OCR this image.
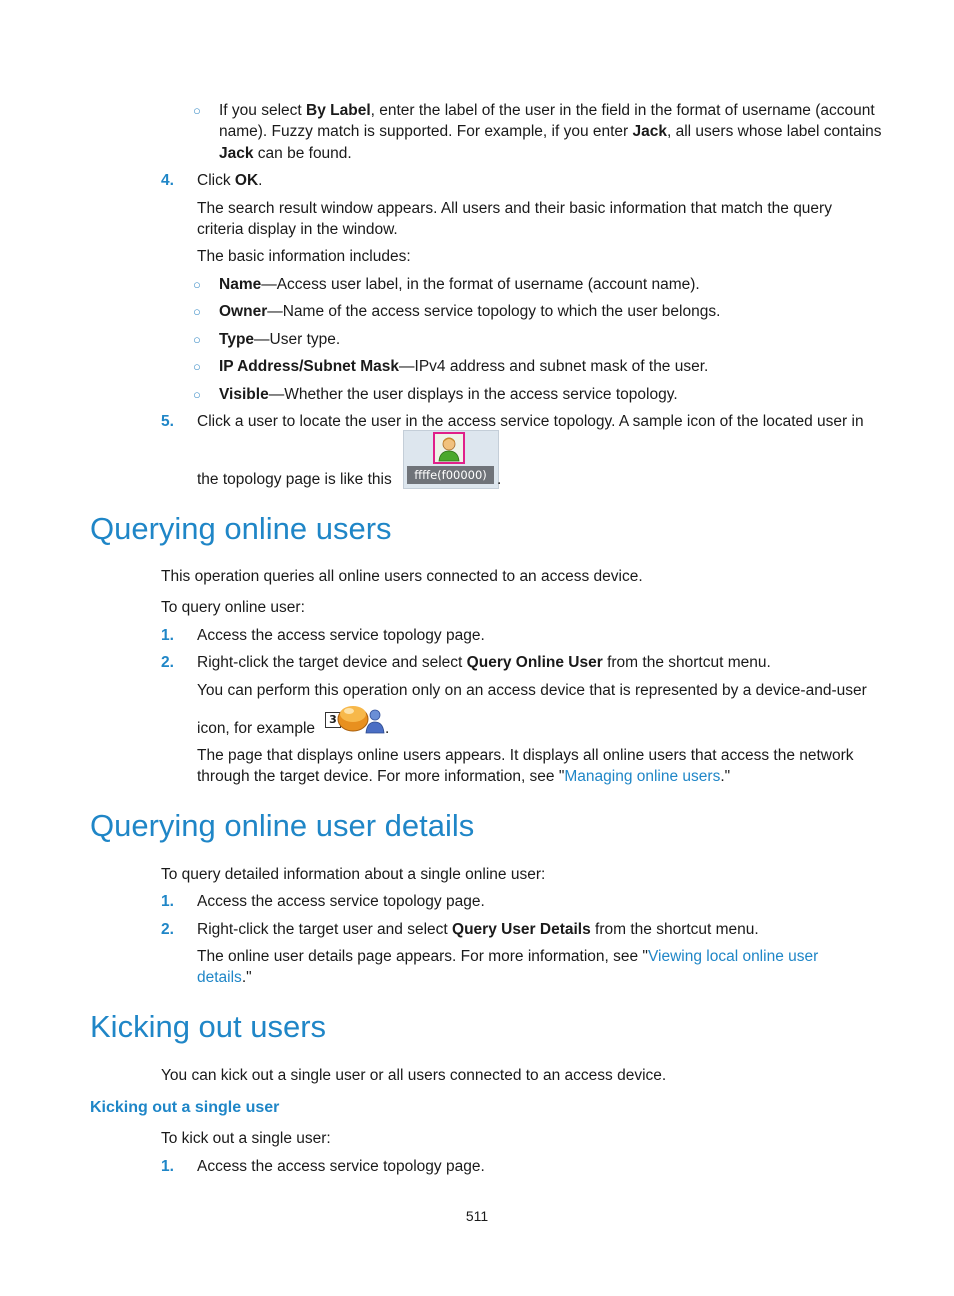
○ If you select By Label, enter the label of the user in the field in the format of username (account
name). Fuzzy match is supported. For example, if you enter Jack, all users whose label contains
Jack can be found.
4. Click OK.
The search result window appears. All users and their basic information that match the query
criteria display in the window.
The basic information includes:
○ Name—Access user label, in the format of username (account name).
○ Owner—Name of the access service topology to which the user belongs.
○ Type—User type.
○ IP Address/Subnet Mask—IPv4 address and subnet mask of the user.
○ Visible—Whether the user displays in the access service topology.
5. Click a user to locate the user in the access service topology. A sample icon of the located user in
the topology page is like this	ffffe(f00000) .
Querying online users
This operation queries all online users connected to an access device.
To query online user:
1. Access the access service topology page.
2. Right-click the target device and select Query Online User from the shortcut menu.
You can perform this operation only on an access device that is represented by a device-and-user
icon, for example
3
.
The page that displays online users appears. It displays all online users that access the network
through the target device. For more information, see "Managing online users."
Querying online user details
To query detailed information about a single online user:
1. Access the access service topology page.
2. Right-click the target user and select Query User Details from the shortcut menu.
The online user details page appears. For more information, see "Viewing local online user
details."
Kicking out users
You can kick out a single user or all users connected to an access device.
Kicking out a single user
To kick out a single user:
1. Access the access service topology page.
511
